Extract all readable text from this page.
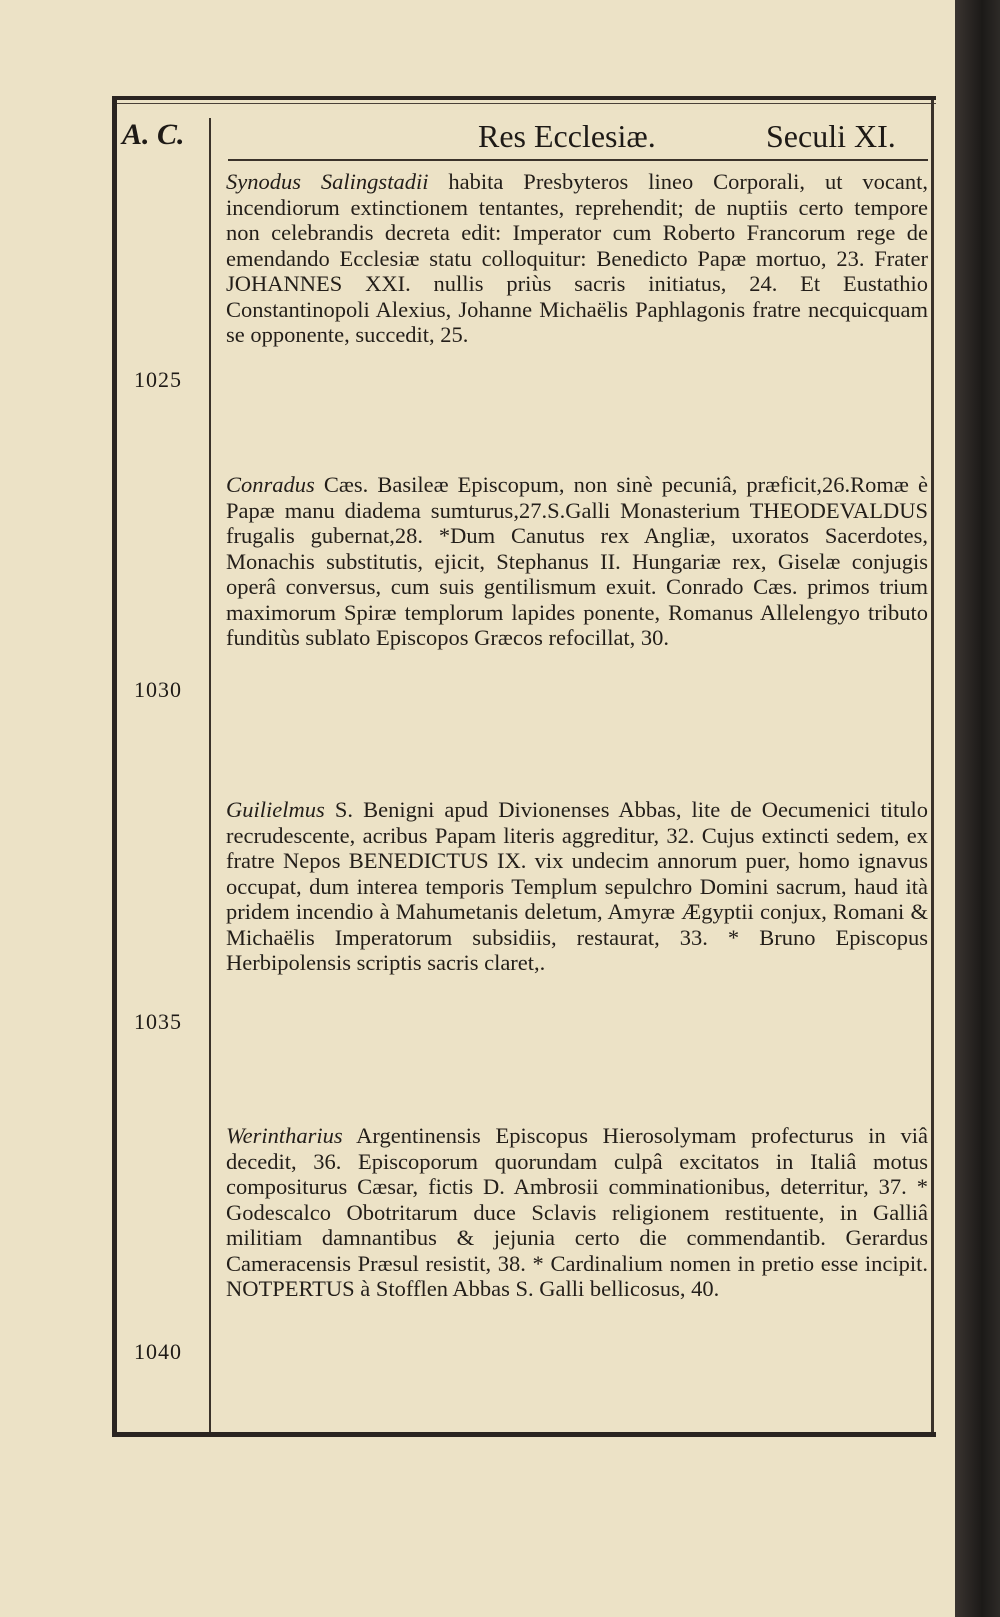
A. C.	Res Ecclesiæ.	Seculi XI.
1025
1030
1035
1040
Synodus Salingstadii habita Presbyteros lineo Corporali, ut vocant, incendiorum extinctionem tentantes, reprehendit; de nuptiis certo tempore non celebrandis decreta edit: Imperator cum Roberto Francorum rege de emendando Ecclesiæ statu colloquitur: Benedicto Papæ mortuo, 23. Frater JOHANNES XXI. nullis priùs sacris initiatus, 24. Et Eustathio Constantinopoli Alexius, Johanne Michaëlis Paphlagonis fratre necquicquam se opponente, succedit, 25.
Conradus Cæs. Basileæ Episcopum, non sinè pecuniâ, præficit,26.Romæ è Papæ manu diadema sumturus,27.S.Galli Monasterium THEODEVALDUS frugalis gubernat,28. *Dum Canutus rex Angliæ, uxoratos Sacerdotes, Monachis substitutis, ejicit, Stephanus II. Hungariæ rex, Giselæ conjugis operâ conversus, cum suis gentilismum exuit. Conrado Cæs. primos trium maximorum Spiræ templorum lapides ponente, Romanus Allelengyo tributo funditùs sublato Episcopos Græcos refocillat, 30.
Guilielmus S. Benigni apud Divionenses Abbas, lite de Oecumenici titulo recrudescente, acribus Papam literis aggreditur, 32. Cujus extincti sedem, ex fratre Nepos BENEDICTUS IX. vix undecim annorum puer, homo ignavus occupat, dum interea temporis Templum sepulchro Domini sacrum, haud ità pridem incendio à Mahumetanis deletum, Amyræ Ægyptii conjux, Romani & Michaëlis Imperatorum subsidiis, restaurat, 33. * Bruno Episcopus Herbipolensis scriptis sacris claret,.
Werintharius Argentinensis Episcopus Hierosolymam profecturus in viâ decedit, 36. Episcoporum quorundam culpâ excitatos in Italiâ motus compositurus Cæsar, fictis D. Ambrosii comminationibus, deterritur, 37. * Godescalco Obotritarum duce Sclavis religionem restituente, in Galliâ militiam damnantibus & jejunia certo die commendantib. Gerardus Cameracensis Præsul resistit, 38. * Cardinalium nomen in pretio esse incipit. NOTPERTUS à Stofflen Abbas S. Galli bellicosus, 40.
